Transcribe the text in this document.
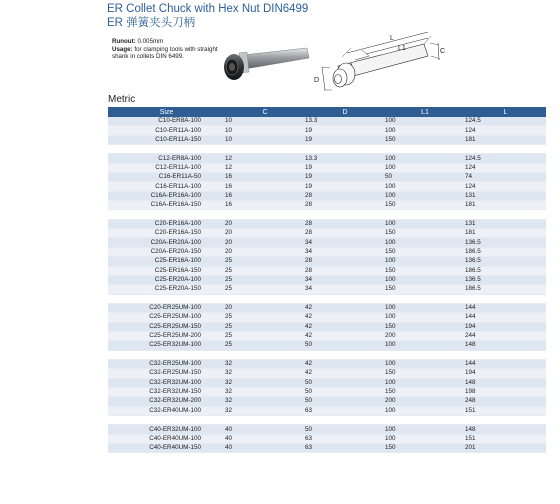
ER Collet Chuck with Hex Nut DIN6499
ER 弹簧夹头刀柄
Runout: 0.005mm
Usage: for clamping tools with straight shank in collets DIN 6499.
L
L1	C
D
Metric
Size	C	D	L1	L
C10-ER8A-100	10	13.3	100	124.5
C10-ER11A-100	10	19	100	124
C10-ER11A-150	10	19	150	181

C12-ER8A-100	12	13.3	100	124.5
C12-ER11A-100	12	19	100	124
C16-ER11A-50	16	19	50	74
C16-ER11A-100	16	19	100	124
C16A-ER16A-100	16	28	100	131
C16A-ER16A-150	16	28	150	181

C20-ER16A-100	20	28	100	131
C20-ER16A-150	20	28	150	181
C20A-ER20A-100	20	34	100	136.5
C20A-ER20A-150	20	34	150	186.5
C25-ER16A-100	25	28	100	136.5
C25-ER16A-150	25	28	150	186.5
C25-ER20A-100	25	34	100	136.5
C25-ER20A-150	25	34	150	186.5

C20-ER25UM-100	20	42	100	144
C25-ER25UM-100	25	42	100	144
C25-ER25UM-150	25	42	150	194
C25-ER25UM-200	25	42	200	244
C25-ER32UM-100	25	50	100	148

C32-ER25UM-100	32	42	100	144
C32-ER25UM-150	32	42	150	194
C32-ER32UM-100	32	50	100	148
C32-ER32UM-150	32	50	150	198
C32-ER32UM-200	32	50	200	248
C32-ER40UM-100	32	63	100	151

C40-ER32UM-100	40	50	100	148
C40-ER40UM-100	40	63	100	151
C40-ER40UM-150	40	63	150	201
